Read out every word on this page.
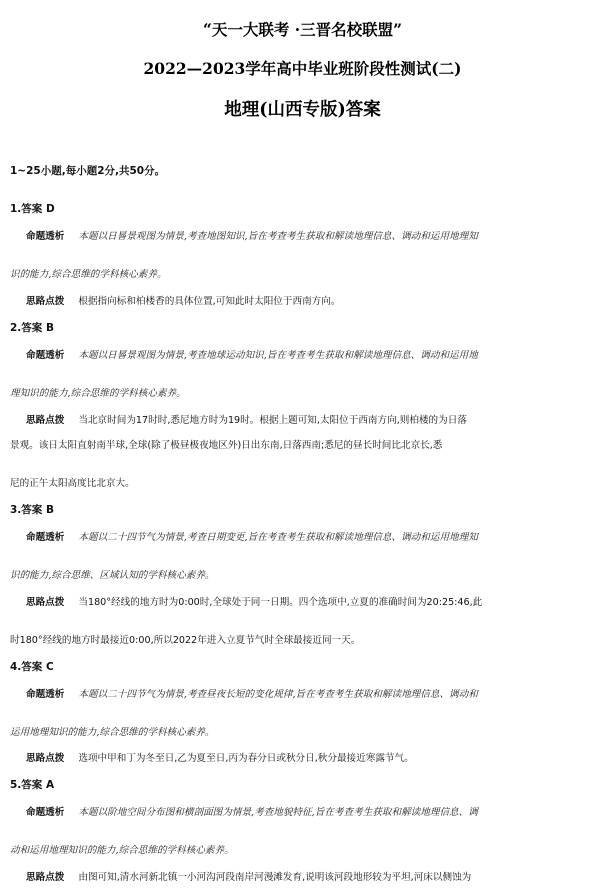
“天一大联考 ·三晋名校联盟”
2022—2023学年高中毕业班阶段性测试(二)
地理(山西专版)答案
1~25小题,每小题2分,共50分。
1.答案 D
命题透析 本题以日晷景观图为情景,考查地图知识,旨在考查考生获取和解读地理信息、调动和运用地理知
识的能力,综合思维的学科核心素养。
思路点拨 根据指向标和柏楼香的具体位置,可知此时太阳位于西南方向。
2.答案 B
命题透析 本题以日晷景观图为情景,考查地球运动知识,旨在考查考生获取和解读地理信息、调动和运用地
理知识的能力,综合思维的学科核心素养。
思路点拨 当北京时间为17时时,悉尼地方时为19时。根据上题可知,太阳位于西南方向,则柏楼的为日落
景观。该日太阳直射南半球,全球(除了极昼极夜地区外)日出东南,日落西南;悉尼的昼长时间比北京长,悉
尼的正午太阳高度比北京大。
3.答案 B
命题透析 本题以二十四节气为情景,考查日期变更,旨在考查考生获取和解读地理信息、调动和运用地理知
识的能力,综合思维、区域认知的学科核心素养。
思路点拨 当180°经线的地方时为0:00时,全球处于同一日期。四个选项中,立夏的准确时间为20:25:46,此
时180°经线的地方时最接近0:00,所以2022年进入立夏节气时全球最接近同一天。
4.答案 C
命题透析 本题以二十四节气为情景,考查昼夜长短的变化规律,旨在考查考生获取和解读地理信息、调动和
运用地理知识的能力,综合思维的学科核心素养。
思路点拨 选项中甲和丁为冬至日,乙为夏至日,丙为春分日或秋分日,秋分最接近寒露节气。
5.答案 A
命题透析 本题以阶地空间分布图和横剖面图为情景,考查地貌特征,旨在考查考生获取和解读地理信息、调
动和运用地理知识的能力,综合思维的学科核心素养。
思路点拨 由图可知,清水河新北镇一小河沟河段南岸河漫滩发育,说明该河段地形较为平坦,河床以侧蚀为
